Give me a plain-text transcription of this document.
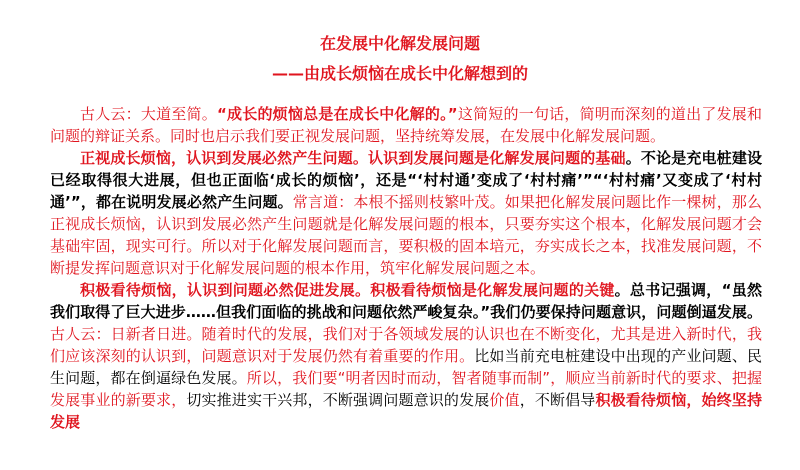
在发展中化解发展问题
——由成长烦恼在成长中化解想到的

古人云：大道至简。“成长的烦恼总是在成长中化解的。”这简短的一句话，简明而深刻的道出了发展和问题的辩证关系。同时也启示我们要正视发展问题，坚持统筹发展，在发展中化解发展问题。

正视成长烦恼，认识到发展必然产生问题。认识到发展问题是化解发展问题的基础。不论是充电桩建设已经取得很大进展，但也正面临‘成长的烦恼’，还是“‘村村通’变成了‘村村痛’”“‘村村痛’又变成了‘村村通’”，都在说明发展必然产生问题。常言道：本根不摇则枝繁叶茂。如果把化解发展问题比作一棵树，那么正视成长烦恼，认识到发展必然产生问题就是化解发展问题的根本，只要夯实这个根本，化解发展问题才会基础牢固，现实可行。所以对于化解发展问题而言，要积极的固本培元，夯实成长之本，找准发展问题，不断提发挥问题意识对于化解发展问题的根本作用，筑牢化解发展问题之本。

积极看待烦恼，认识到问题必然促进发展。积极看待烦恼是化解发展问题的关键。总书记强调，“虽然我们取得了巨大进步……但我们面临的挑战和问题依然严峻复杂。”我们仍要保持问题意识，问题倒逼发展。古人云：日新者日进。随着时代的发展，我们对于各领域发展的认识也在不断变化，尤其是进入新时代，我们应该深刻的认识到，问题意识对于发展仍然有着重要的作用。比如当前充电桩建设中出现的产业问题、民生问题，都在倒逼绿色发展。所以，我们要“明者因时而动，智者随事而制”，顺应当前新时代的要求、把握发展事业的新要求，切实推进实干兴邦，不断强调问题意识的发展价值，不断倡导积极看待烦恼，始终坚持发展
